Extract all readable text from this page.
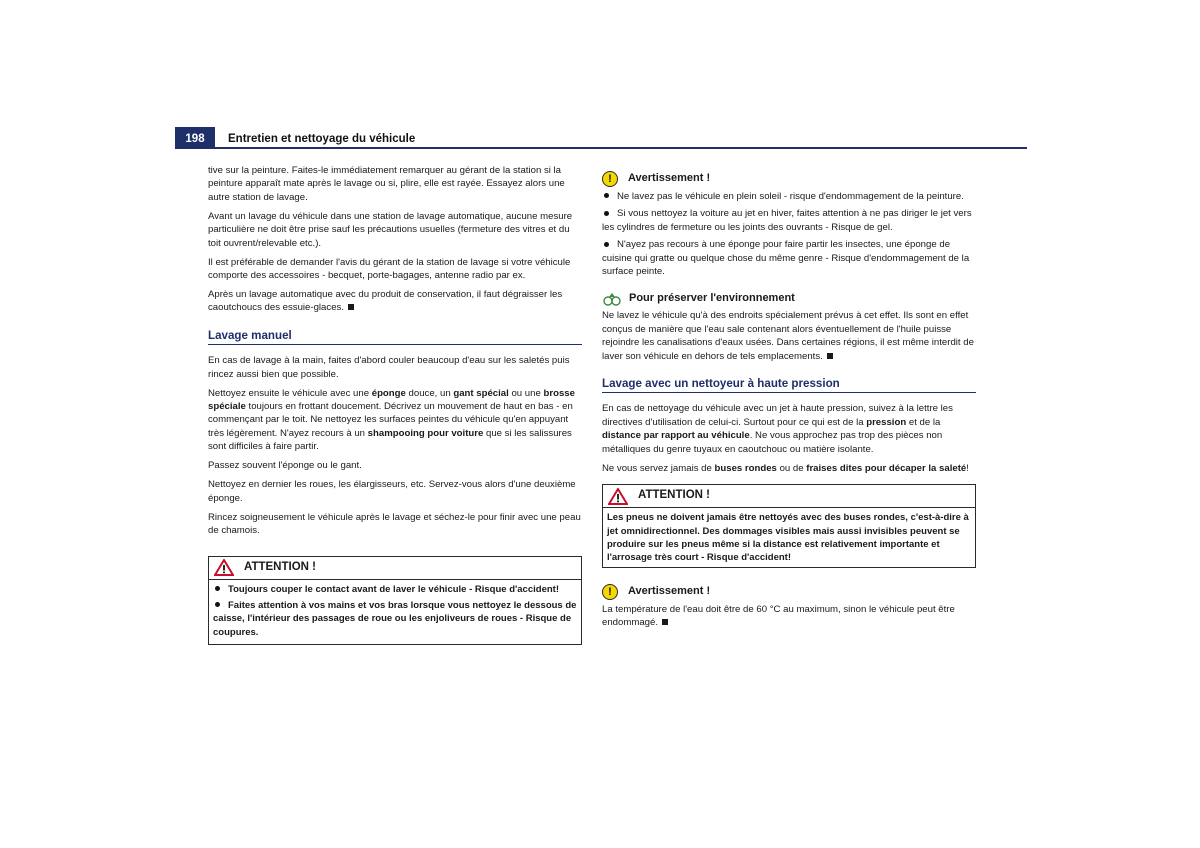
198	Entretien et nettoyage du véhicule

tive sur la peinture. Faites-le immédiatement remarquer au gérant de la station si la peinture apparaît mate après le lavage ou si, plire, elle est rayée. Essayez alors une autre station de lavage.

Avant un lavage du véhicule dans une station de lavage automatique, aucune mesure particulière ne doit être prise sauf les précautions usuelles (fermeture des vitres et du toit ouvrent/relevable etc.).

Il est préférable de demander l'avis du gérant de la station de lavage si votre véhicule comporte des accessoires - becquet, porte-bagages, antenne radio par ex.

Après un lavage automatique avec du produit de conservation, il faut dégraisser les caoutchoucs des essuie-glaces.

Lavage manuel

En cas de lavage à la main, faites d'abord couler beaucoup d'eau sur les saletés puis rincez aussi bien que possible.

Nettoyez ensuite le véhicule avec une éponge douce, un gant spécial ou une brosse spéciale toujours en frottant doucement. Décrivez un mouvement de haut en bas - en commençant par le toit. Ne nettoyez les surfaces peintes du véhicule qu'en appuyant très légèrement. N'ayez recours à un shampooing pour voiture que si les salissures sont difficiles à faire partir.

Passez souvent l'éponge ou le gant.

Nettoyez en dernier les roues, les élargisseurs, etc. Servez-vous alors d'une deuxième éponge.

Rincez soigneusement le véhicule après le lavage et séchez-le pour finir avec une peau de chamois.

ATTENTION !
Toujours couper le contact avant de laver le véhicule - Risque d'accident!
Faites attention à vos mains et vos bras lorsque vous nettoyez le dessous de caisse, l'intérieur des passages de roue ou les enjoliveurs de roues - Risque de coupures.
!	Avertissement !
Ne lavez pas le véhicule en plein soleil - risque d'endommagement de la peinture.
Si vous nettoyez la voiture au jet en hiver, faites attention à ne pas diriger le jet vers les cylindres de fermeture ou les joints des ouvrants - Risque de gel.
N'ayez pas recours à une éponge pour faire partir les insectes, une éponge de cuisine qui gratte ou quelque chose du même genre - Risque d'endommagement de la surface peinte.
Pour préserver l'environnement

Ne lavez le véhicule qu'à des endroits spécialement prévus à cet effet. Ils sont en effet conçus de manière que l'eau sale contenant alors éventuellement de l'huile puisse rejoindre les canalisations d'eaux usées. Dans certaines régions, il est même interdit de laver son véhicule en dehors de tels emplacements.

Lavage avec un nettoyeur à haute pression

En cas de nettoyage du véhicule avec un jet à haute pression, suivez à la lettre les directives d'utilisation de celui-ci. Surtout pour ce qui est de la pression et de la distance par rapport au véhicule. Ne vous approchez pas trop des pièces non métalliques du genre tuyaux en caoutchouc ou matière isolante.

Ne vous servez jamais de buses rondes ou de fraises dites pour décaper la saleté!

ATTENTION !
Les pneus ne doivent jamais être nettoyés avec des buses rondes, c'est-à-dire à jet omnidirectionnel. Des dommages visibles mais aussi invisibles peuvent se produire sur les pneus même si la distance est relativement importante et l'arrosage très court - Risque d'accident!
!	Avertissement !

La température de l'eau doit être de 60 °C au maximum, sinon le véhicule peut être endommagé.
